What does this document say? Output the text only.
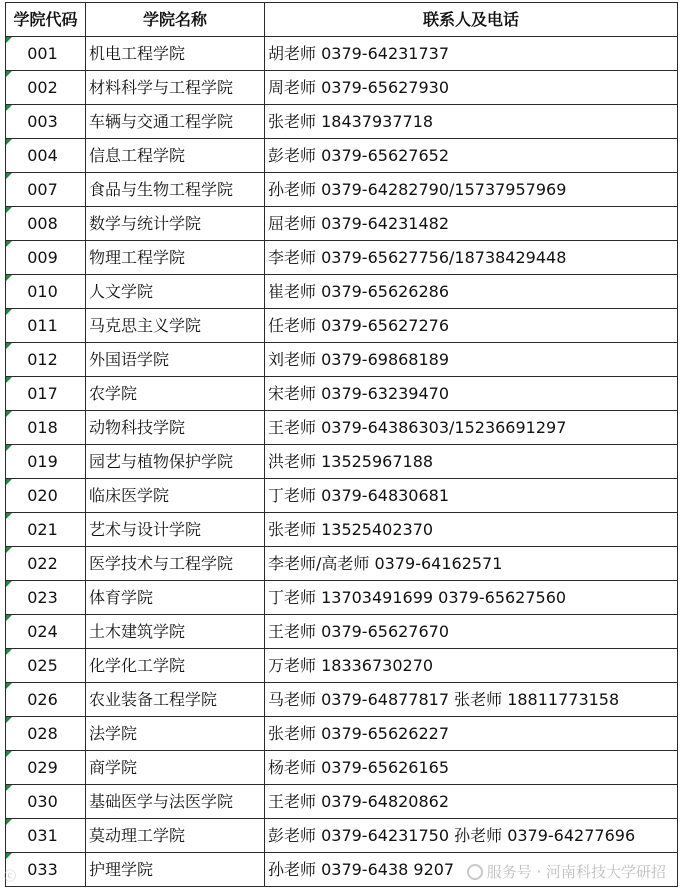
学院代码	学院名称	联系人及电话
001	机电工程学院	胡老师 0379-64231737
002	材料科学与工程学院	周老师 0379-65627930
003	车辆与交通工程学院	张老师 18437937718
004	信息工程学院	彭老师 0379-65627652
007	食品与生物工程学院	孙老师 0379-64282790/15737957969
008	数学与统计学院	屈老师 0379-64231482
009	物理工程学院	李老师 0379-65627756/18738429448
010	人文学院	崔老师 0379-65626286
011	马克思主义学院	任老师 0379-65627276
012	外国语学院	刘老师 0379-69868189
017	农学院	宋老师 0379-63239470
018	动物科技学院	王老师 0379-64386303/15236691297
019	园艺与植物保护学院	洪老师 13525967188
020	临床医学院	丁老师 0379-64830681
021	艺术与设计学院	张老师 13525402370
022	医学技术与工程学院	李老师/高老师 0379-64162571
023	体育学院	丁老师 13703491699 0379-65627560
024	土木建筑学院	王老师 0379-65627670
025	化学化工学院	万老师 18336730270
026	农业装备工程学院	马老师 0379-64877817 张老师 18811773158
028	法学院	张老师 0379-65626227
029	商学院	杨老师 0379-65626165
030	基础医学与法医学院	王老师 0379-64820862
031	莫动理工学院	彭老师 0379-64231750 孙老师 0379-64277696
033	护理学院	孙老师 0379-6438 9207
ⓒ	服务号 · 河南科技大学研招
